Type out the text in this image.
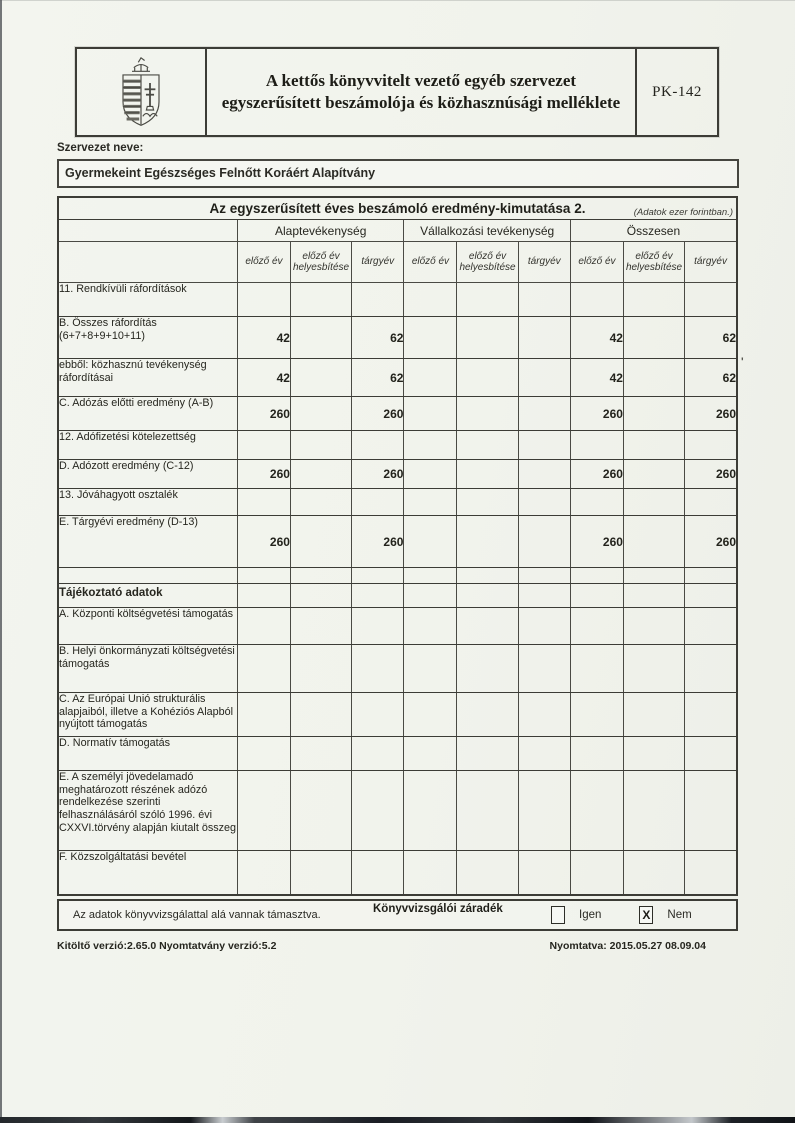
'
A kettős könyvvitelt vezető egyéb szervezet
egyszerűsített beszámolója és közhasznúsági melléklete
PK-142
Szervezet neve:
Gyermekeint Egészséges Felnőtt Koráért Alapítvány
Az egyszerűsített éves beszámoló eredmény-kimutatása 2. (Adatok ezer forintban.)									

	Alaptevékenység			Vállalkozási tevékenység			Összesen		
	előző év	előző év helyesbítése	tárgyév	előző év	előző év helyesbítése	tárgyév	előző év	előző év helyesbítése	tárgyév
11. Rendkívüli ráfordítások									
B. Összes ráfordítás (6+7+8+9+10+11)	42		62				42		62
ebből: közhasznú tevékenység ráfordításai	42		62				42		62
C. Adózás előtti eredmény (A-B)	260		260				260		260
12. Adófizetési kötelezettség									
D. Adózott eredmény (C-12)	260		260				260		260
13. Jóváhagyott osztalék									
E. Tárgyévi eredmény (D-13)	260		260				260		260

Tájékoztató adatok									
A. Központi költségvetési támogatás									
B. Helyi önkormányzati költségvetési támogatás									
C. Az Európai Unió strukturális alapjaiból, illetve a Kohéziós Alapból nyújtott támogatás									
D. Normatív támogatás									
E. A személyi jövedelamadó meghatározott részének adózó rendelkezése szerinti felhasználásáról szóló 1996. évi CXXVI.törvény alapján kiutalt összeg									
F. Közszolgáltatási bevétel									
Az adatok könyvvizsgálattal alá vannak támasztva.	Könyvvizsgálói záradék	Igen	X Nem
Kitöltő verzió:2.65.0 Nyomtatvány verzió:5.2	Nyomtatva: 2015.05.27 08.09.04
